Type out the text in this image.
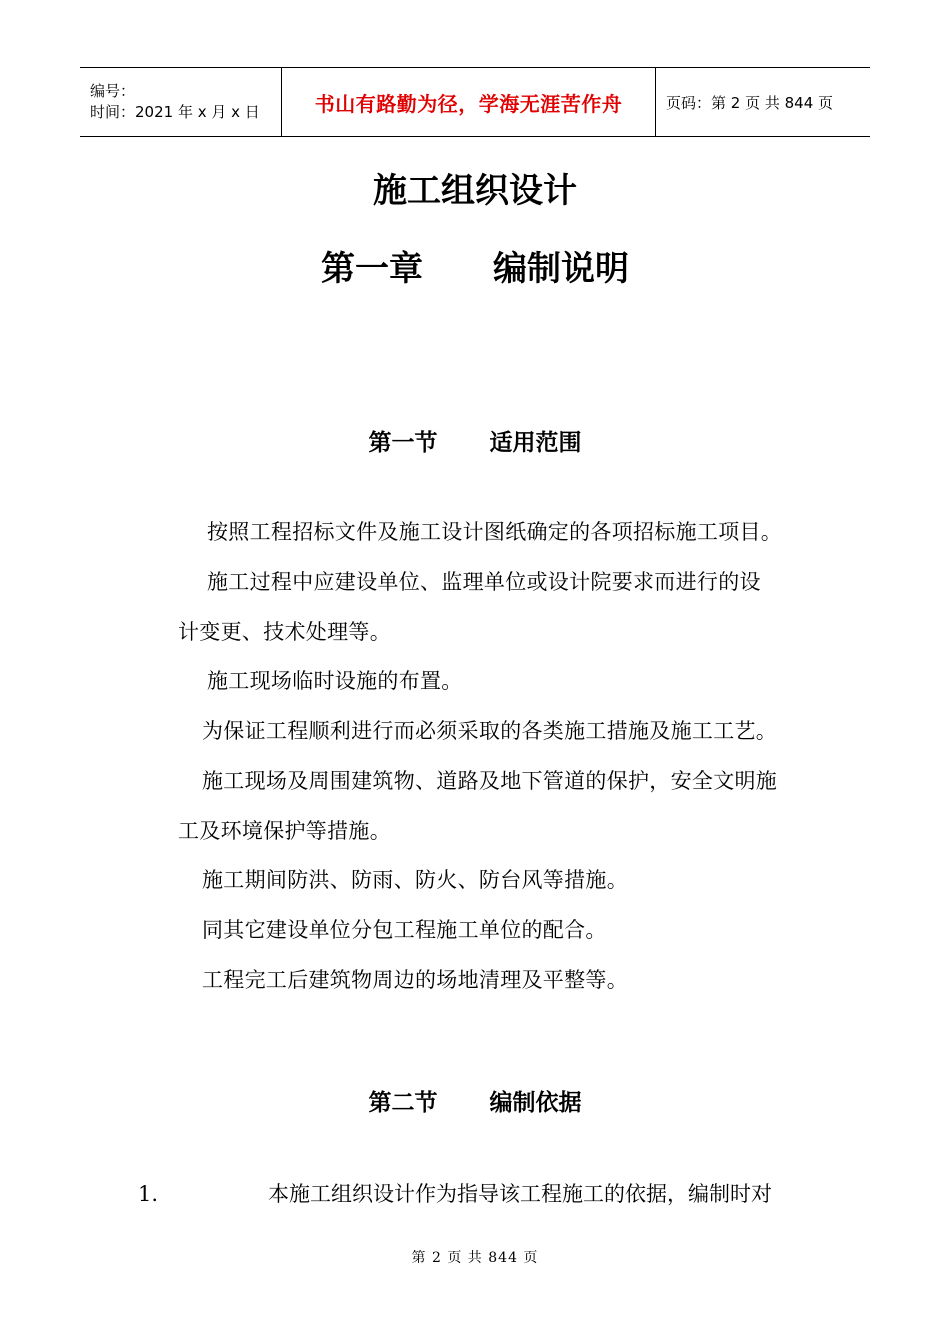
编号：
时间：2021 年 x 月 x 日	书山有路勤为径，学海无涯苦作舟	页码：第 2 页 共 844 页
施工组织设计
第一章 编制说明
第一节 适用范围
按照工程招标文件及施工设计图纸确定的各项招标施工项目。
施工过程中应建设单位、监理单位或设计院要求而进行的设
计变更、技术处理等。
施工现场临时设施的布置。
为保证工程顺利进行而必须采取的各类施工措施及施工工艺。
施工现场及周围建筑物、道路及地下管道的保护，安全文明施
工及环境保护等措施。
施工期间防洪、防雨、防火、防台风等措施。
同其它建设单位分包工程施工单位的配合。
工程完工后建筑物周边的场地清理及平整等。
第二节 编制依据
1.	本施工组织设计作为指导该工程施工的依据，编制时对
第 2 页 共 844 页
